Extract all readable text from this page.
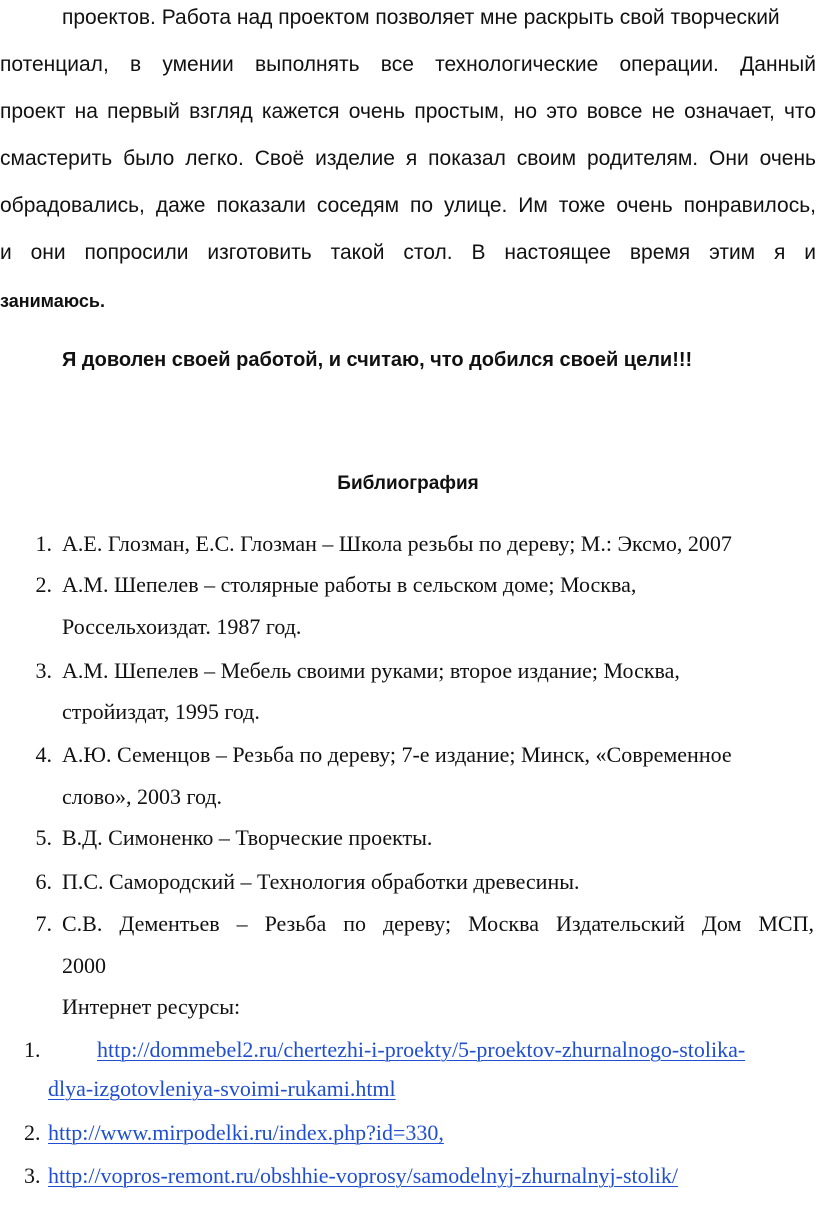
проектов. Работа над проектом позволяет мне раскрыть свой творческий
потенциал, в умении выполнять все технологические операции. Данный
проект на первый взгляд кажется очень простым, но это вовсе не означает, что
смастерить было легко. Своё изделие я показал своим родителям. Они очень
обрадовались, даже показали соседям по улице. Им тоже очень понравилось,
и они попросили изготовить такой стол. В настоящее время этим я и
занимаюсь.
Я доволен своей работой, и считаю, что добился своей цели!!!
Библиография
1. А.Е. Глозман, Е.С. Глозман – Школа резьбы по дереву; М.: Эксмо, 2007
2. А.М. Шепелев – столярные работы в сельском доме; Москва,
Россельхоиздат. 1987 год.
3. А.М. Шепелев – Мебель своими руками; второе издание; Москва,
стройиздат, 1995 год.
4. А.Ю. Семенцов – Резьба по дереву; 7-е издание; Минск, «Современное
слово», 2003 год.
5. В.Д. Симоненко – Творческие проекты.
6. П.С. Самородский – Технология обработки древесины.
7. С.В. Дементьев – Резьба по дереву; Москва Издательский Дом МСП,
2000
Интернет ресурсы:
1.	http://dommebel2.ru/chertezhi-i-proekty/5-proektov-zhurnalnogo-stolika-
dlya-izgotovleniya-svoimi-rukami.html
2. http://www.mirpodelki.ru/index.php?id=330,
3. http://vopros-remont.ru/obshhie-voprosy/samodelnyj-zhurnalnyj-stolik/
